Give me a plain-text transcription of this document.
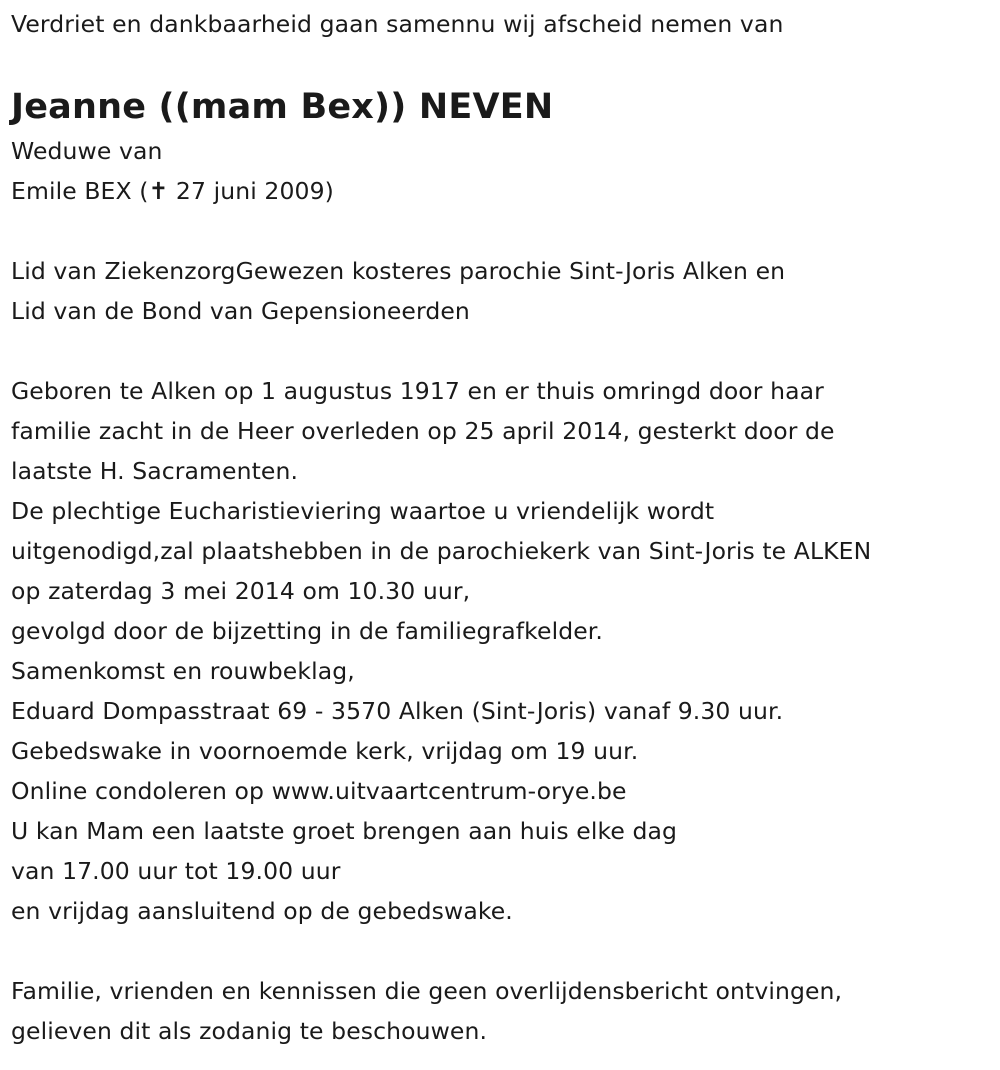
Verdriet en dankbaarheid gaan samennu wij afscheid nemen van
Jeanne ((mam Bex)) NEVEN
Weduwe van
Emile BEX (✝ 27 juni 2009)
Lid van ZiekenzorgGewezen kosteres parochie Sint-Joris Alken en
Lid van de Bond van Gepensioneerden
Geboren te Alken op 1 augustus 1917 en er thuis omringd door haar
familie zacht in de Heer overleden op 25 april 2014, gesterkt door de
laatste H. Sacramenten.
De plechtige Eucharistieviering waartoe u vriendelijk wordt
uitgenodigd,zal plaatshebben in de parochiekerk van Sint-Joris te ALKEN
op zaterdag 3 mei 2014 om 10.30 uur,
gevolgd door de bijzetting in de familiegrafkelder.
Samenkomst en rouwbeklag,
Eduard Dompasstraat 69 - 3570 Alken (Sint-Joris) vanaf 9.30 uur.
Gebedswake in voornoemde kerk, vrijdag om 19 uur.
Online condoleren op www.uitvaartcentrum-orye.be
U kan Mam een laatste groet brengen aan huis elke dag
van 17.00 uur tot 19.00 uur
en vrijdag aansluitend op de gebedswake.
Familie, vrienden en kennissen die geen overlijdensbericht ontvingen,
gelieven dit als zodanig te beschouwen.
